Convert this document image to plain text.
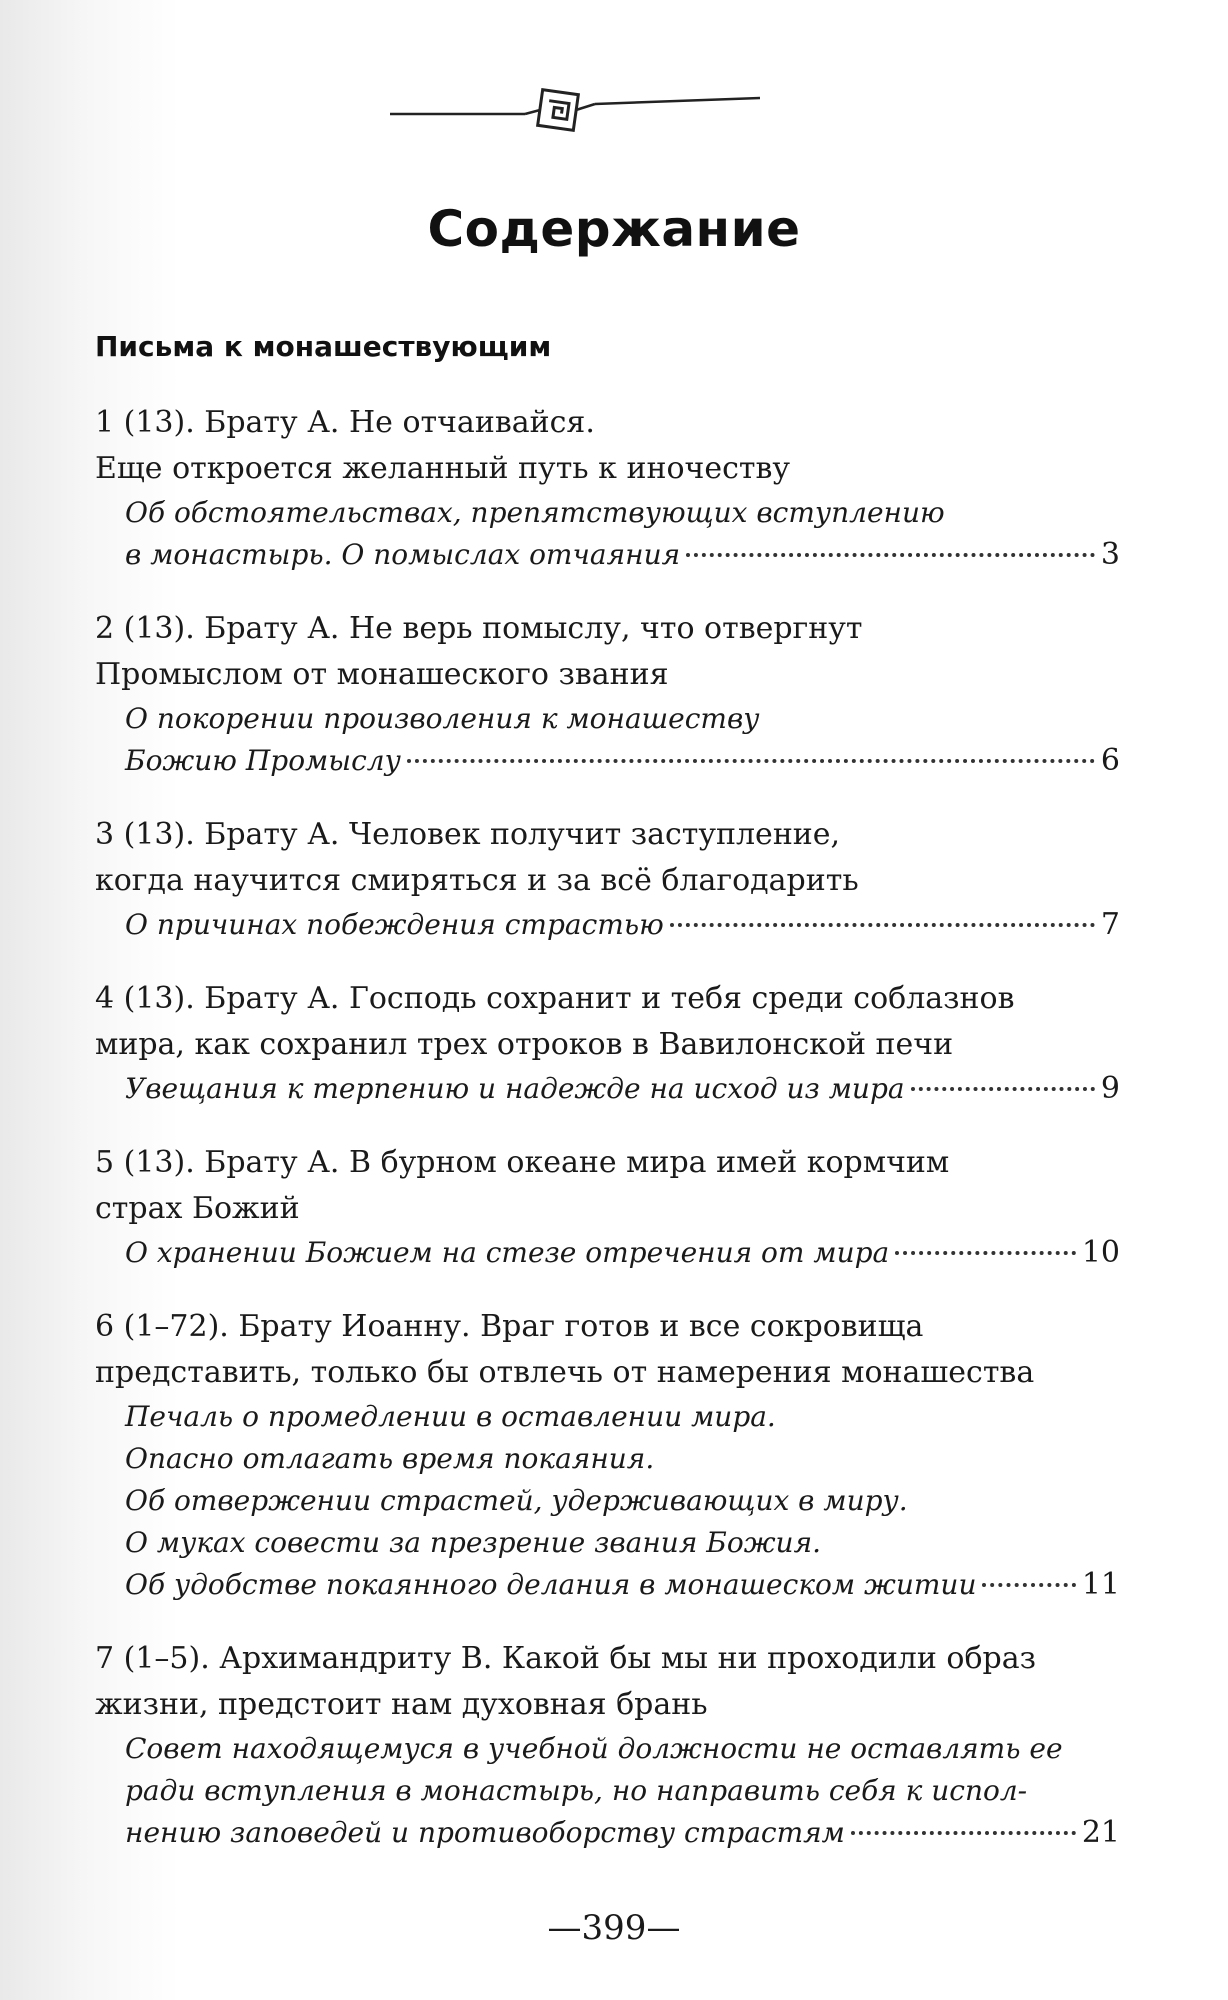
Содержание
Письма к монашествующим
1 (13). Брату А. Не отчаивайся.
Еще откроется желанный путь к иночеству
Об обстоятельствах, препятствующих вступлению
в монастырь. О помыслах отчаяния	3
2 (13). Брату А. Не верь помыслу, что отвергнут
Промыслом от монашеского звания
О покорении произволения к монашеству
Божию Промыслу	6
3 (13). Брату А. Человек получит заступление,
когда научится смиряться и за всё благодарить
О причинах побеждения страстью	7
4 (13). Брату А. Господь сохранит и тебя среди соблазнов
мира, как сохранил трех отроков в Вавилонской печи
Увещания к терпению и надежде на исход из мира	9
5 (13). Брату А. В бурном океане мира имей кормчим
страх Божий
О хранении Божием на стезе отречения от мира	10
6 (1–72). Брату Иоанну. Враг готов и все сокровища
представить, только бы отвлечь от намерения монашества
Печаль о промедлении в оставлении мира.
Опасно отлагать время покаяния.
Об отвержении страстей, удерживающих в миру.
О муках совести за презрение звания Божия.
Об удобстве покаянного делания в монашеском житии	11
7 (1–5). Архимандриту В. Какой бы мы ни проходили образ
жизни, предстоит нам духовная брань
Совет находящемуся в учебной должности не оставлять ее
ради вступления в монастырь, но направить себя к испол-
нению заповедей и противоборству страстям	21
—399—
